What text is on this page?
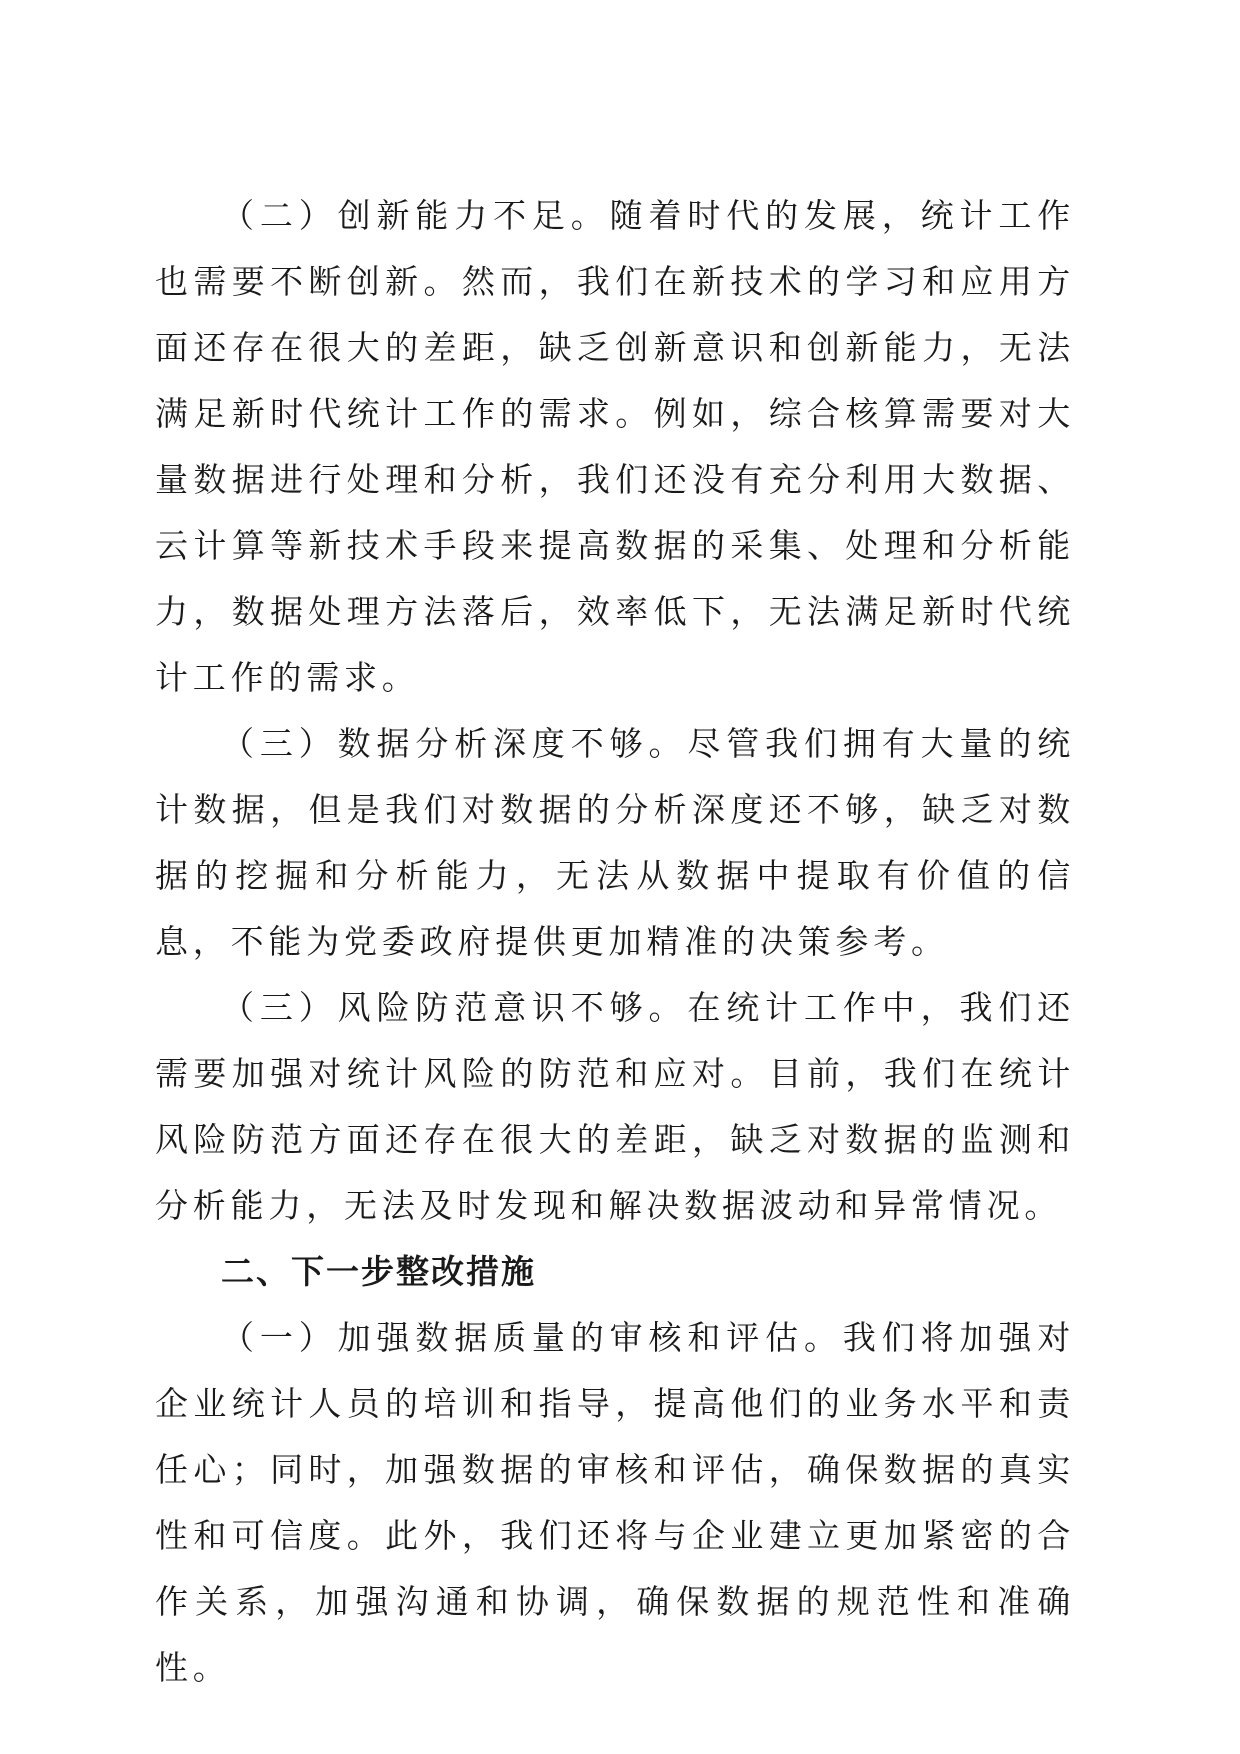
（二）创新能力不足。随着时代的发展，统计工作也需要不断创新。然而，我们在新技术的学习和应用方面还存在很大的差距，缺乏创新意识和创新能力，无法满足新时代统计工作的需求。例如，综合核算需要对大量数据进行处理和分析，我们还没有充分利用大数据、云计算等新技术手段来提高数据的采集、处理和分析能力，数据处理方法落后，效率低下，无法满足新时代统计工作的需求。

（三）数据分析深度不够。尽管我们拥有大量的统计数据，但是我们对数据的分析深度还不够，缺乏对数据的挖掘和分析能力，无法从数据中提取有价值的信息，不能为党委政府提供更加精准的决策参考。

（三）风险防范意识不够。在统计工作中，我们还需要加强对统计风险的防范和应对。目前，我们在统计风险防范方面还存在很大的差距，缺乏对数据的监测和分析能力，无法及时发现和解决数据波动和异常情况。

二、下一步整改措施

（一）加强数据质量的审核和评估。我们将加强对企业统计人员的培训和指导，提高他们的业务水平和责任心；同时，加强数据的审核和评估，确保数据的真实性和可信度。此外，我们还将与企业建立更加紧密的合作关系，加强沟通和协调，确保数据的规范性和准确性。
